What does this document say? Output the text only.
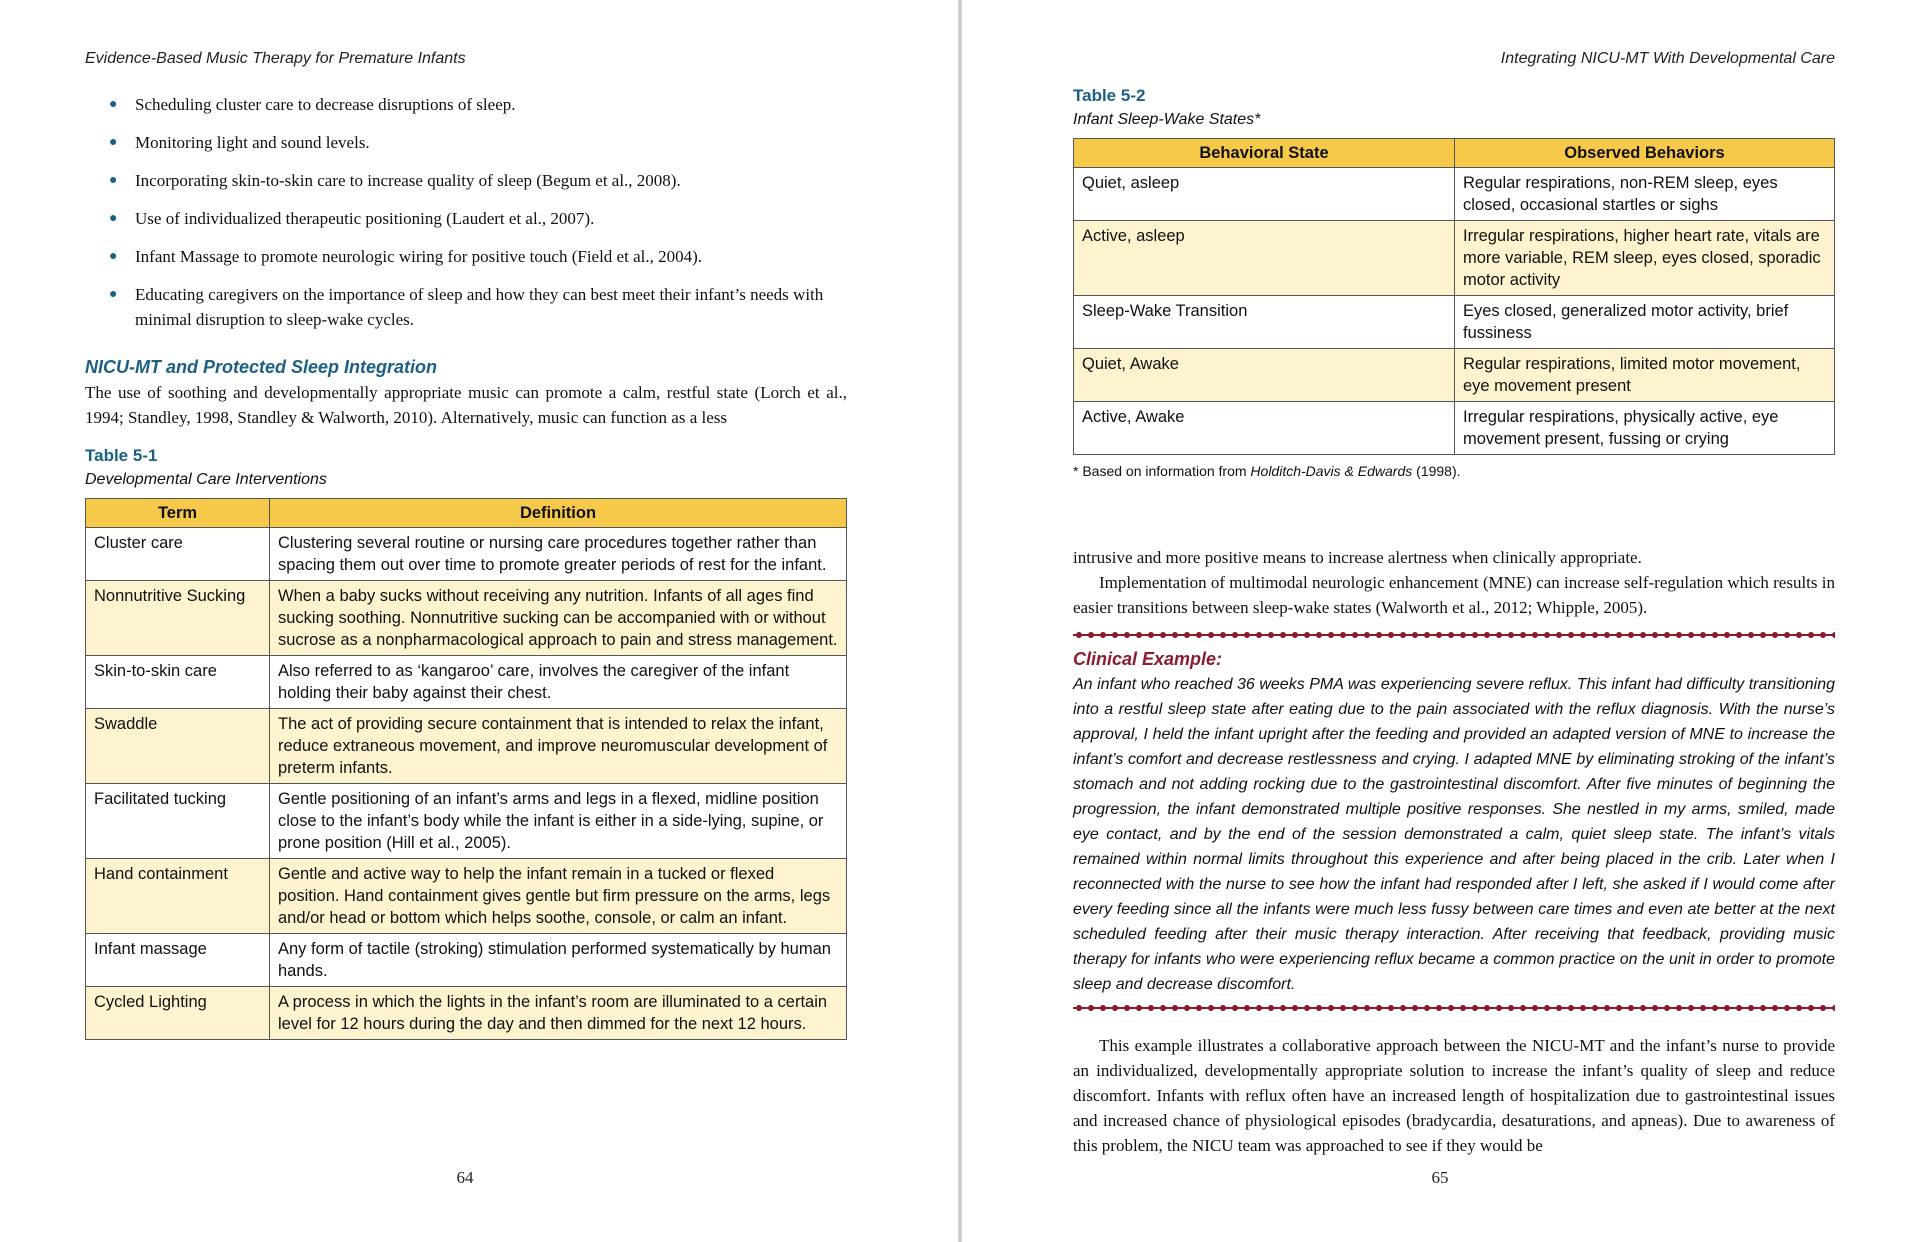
Evidence-Based Music Therapy for Premature Infants
● Scheduling cluster care to decrease disruptions of sleep.
● Monitoring light and sound levels.
● Incorporating skin-to-skin care to increase quality of sleep (Begum et al., 2008).
● Use of individualized therapeutic positioning (Laudert et al., 2007).
● Infant Massage to promote neurologic wiring for positive touch (Field et al., 2004).
● Educating caregivers on the importance of sleep and how they can best meet their infant’s needs with minimal disruption to sleep-wake cycles.
NICU-MT and Protected Sleep Integration

The use of soothing and developmentally appropriate music can promote a calm, restful state (Lorch et al., 1994; Standley, 1998, Standley & Walworth, 2010). Alternatively, music can function as a less

Table 5-1
Developmental Care Interventions
Term	Definition
Cluster care	Clustering several routine or nursing care procedures together rather than spacing them out over time to promote greater periods of rest for the infant.
Nonnutritive Sucking	When a baby sucks without receiving any nutrition. Infants of all ages find sucking soothing. Nonnutritive sucking can be accompanied with or without sucrose as a nonpharmacological approach to pain and stress management.
Skin-to-skin care	Also referred to as ‘kangaroo’ care, involves the caregiver of the infant holding their baby against their chest.
Swaddle	The act of providing secure containment that is intended to relax the infant, reduce extraneous movement, and improve neuromuscular development of preterm infants.
Facilitated tucking	Gentle positioning of an infant’s arms and legs in a flexed, midline position close to the infant’s body while the infant is either in a side-lying, supine, or prone position (Hill et al., 2005).
Hand containment	Gentle and active way to help the infant remain in a tucked or flexed position. Hand containment gives gentle but firm pressure on the arms, legs and/or head or bottom which helps soothe, console, or calm an infant.
Infant massage	Any form of tactile (stroking) stimulation performed systematically by human hands.
Cycled Lighting	A process in which the lights in the infant’s room are illuminated to a certain level for 12 hours during the day and then dimmed for the next 12 hours.
64
Integrating NICU-MT With Developmental Care
Table 5-2
Infant Sleep-Wake States*
Behavioral State	Observed Behaviors
Quiet, asleep	Regular respirations, non-REM sleep, eyes closed, occasional startles or sighs
Active, asleep	Irregular respirations, higher heart rate, vitals are more variable, REM sleep, eyes closed, sporadic motor activity
Sleep-Wake Transition	Eyes closed, generalized motor activity, brief fussiness
Quiet, Awake	Regular respirations, limited motor movement, eye movement present
Active, Awake	Irregular respirations, physically active, eye movement present, fussing or crying
* Based on information from Holditch-Davis & Edwards (1998).

intrusive and more positive means to increase alertness when clinically appropriate.

Implementation of multimodal neurologic enhancement (MNE) can increase self-regulation which results in easier transitions between sleep-wake states (Walworth et al., 2012; Whipple, 2005).

Clinical Example:

An infant who reached 36 weeks PMA was experiencing severe reflux. This infant had difficulty transitioning into a restful sleep state after eating due to the pain associated with the reflux diagnosis. With the nurse’s approval, I held the infant upright after the feeding and provided an adapted version of MNE to increase the infant’s comfort and decrease restlessness and crying. I adapted MNE by eliminating stroking of the infant’s stomach and not adding rocking due to the gastrointestinal discomfort. After five minutes of beginning the progression, the infant demonstrated multiple positive responses. She nestled in my arms, smiled, made eye contact, and by the end of the session demonstrated a calm, quiet sleep state. The infant’s vitals remained within normal limits throughout this experience and after being placed in the crib. Later when I reconnected with the nurse to see how the infant had responded after I left, she asked if I would come after every feeding since all the infants were much less fussy between care times and even ate better at the next scheduled feeding after their music therapy interaction. After receiving that feedback, providing music therapy for infants who were experiencing reflux became a common practice on the unit in order to promote sleep and decrease discomfort.

This example illustrates a collaborative approach between the NICU-MT and the infant’s nurse to provide an individualized, developmentally appropriate solution to increase the infant’s quality of sleep and reduce discomfort. Infants with reflux often have an increased length of hospitalization due to gastrointestinal issues and increased chance of physiological episodes (bradycardia, desaturations, and apneas). Due to awareness of this problem, the NICU team was approached to see if they would be

65
